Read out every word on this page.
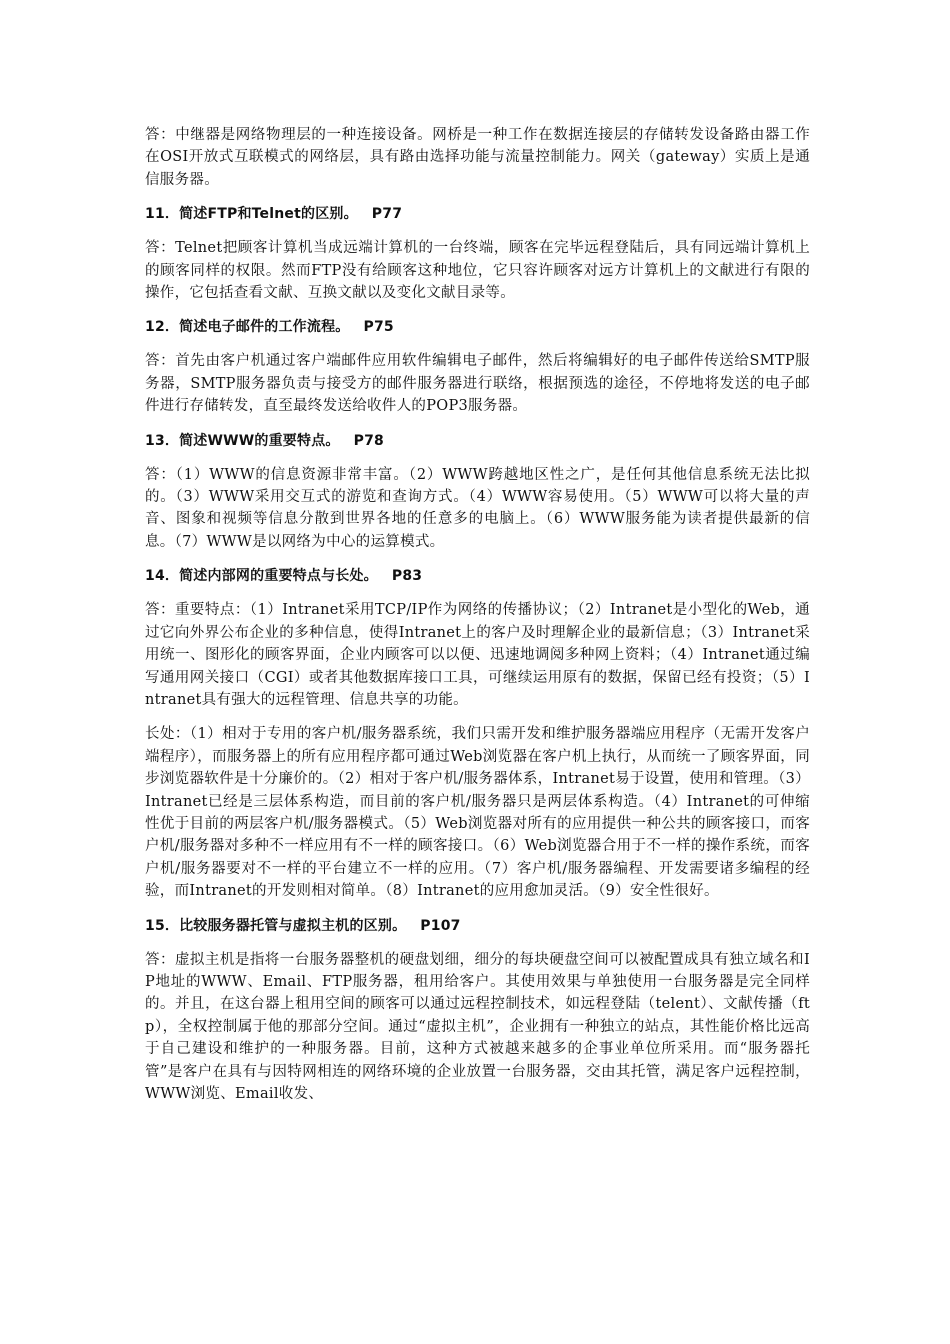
答：中继器是网络物理层的一种连接设备。网桥是一种工作在数据连接层的存储转发设备路由器工作在OSI开放式互联模式的网络层，具有路由选择功能与流量控制能力。网关（gateway）实质上是通信服务器。

11．简述FTP和Telnet的区别。 P77

答：Telnet把顾客计算机当成远端计算机的一台终端，顾客在完毕远程登陆后，具有同远端计算机上的顾客同样的权限。然而FTP没有给顾客这种地位，它只容许顾客对远方计算机上的文献进行有限的操作，它包括查看文献、互换文献以及变化文献目录等。

12．简述电子邮件的工作流程。 P75

答：首先由客户机通过客户端邮件应用软件编辑电子邮件，然后将编辑好的电子邮件传送给SMTP服务器，SMTP服务器负责与接受方的邮件服务器进行联络，根据预选的途径，不停地将发送的电子邮件进行存储转发，直至最终发送给收件人的POP3服务器。

13．简述WWW的重要特点。 P78

答：（1）WWW的信息资源非常丰富。（2）WWW跨越地区性之广，是任何其他信息系统无法比拟的。（3）WWW采用交互式的游览和查询方式。（4）WWW容易使用。（5）WWW可以将大量的声音、图象和视频等信息分散到世界各地的任意多的电脑上。（6）WWW服务能为读者提供最新的信息。（7）WWW是以网络为中心的运算模式。

14．简述内部网的重要特点与长处。 P83

答：重要特点：（1）Intranet采用TCP/IP作为网络的传播协议；（2）Intranet是小型化的Web，通过它向外界公布企业的多种信息，使得Intranet上的客户及时理解企业的最新信息；（3）Intranet采用统一、图形化的顾客界面，企业内顾客可以以便、迅速地调阅多种网上资料；（4）Intranet通过编写通用网关接口（CGI）或者其他数据库接口工具，可继续运用原有的数据，保留已经有投资；（5）Intranet具有强大的远程管理、信息共享的功能。

长处：（1）相对于专用的客户机/服务器系统，我们只需开发和维护服务器端应用程序（无需开发客户端程序），而服务器上的所有应用程序都可通过Web浏览器在客户机上执行，从而统一了顾客界面，同步浏览器软件是十分廉价的。（2）相对于客户机/服务器体系，Intranet易于设置，使用和管理。（3）Intranet已经是三层体系构造，而目前的客户机/服务器只是两层体系构造。（4）Intranet的可伸缩性优于目前的两层客户机/服务器模式。（5）Web浏览器对所有的应用提供一种公共的顾客接口，而客户机/服务器对多种不一样应用有不一样的顾客接口。（6）Web浏览器合用于不一样的操作系统，而客户机/服务器要对不一样的平台建立不一样的应用。（7）客户机/服务器编程、开发需要诸多编程的经验，而Intranet的开发则相对简单。（8）Intranet的应用愈加灵活。（9）安全性很好。

15．比较服务器托管与虚拟主机的区别。 P107

答：虚拟主机是指将一台服务器整机的硬盘划细，细分的每块硬盘空间可以被配置成具有独立域名和IP地址的WWW、Email、FTP服务器，租用给客户。其使用效果与单独使用一台服务器是完全同样的。并且，在这台器上租用空间的顾客可以通过远程控制技术，如远程登陆（telent）、文献传播（ftp），全权控制属于他的那部分空间。通过“虚拟主机”，企业拥有一种独立的站点，其性能价格比远高于自己建设和维护的一种服务器。目前，这种方式被越来越多的企事业单位所采用。而“服务器托管”是客户在具有与因特网相连的网络环境的企业放置一台服务器，交由其托管，满足客户远程控制，WWW浏览、Email收发、
